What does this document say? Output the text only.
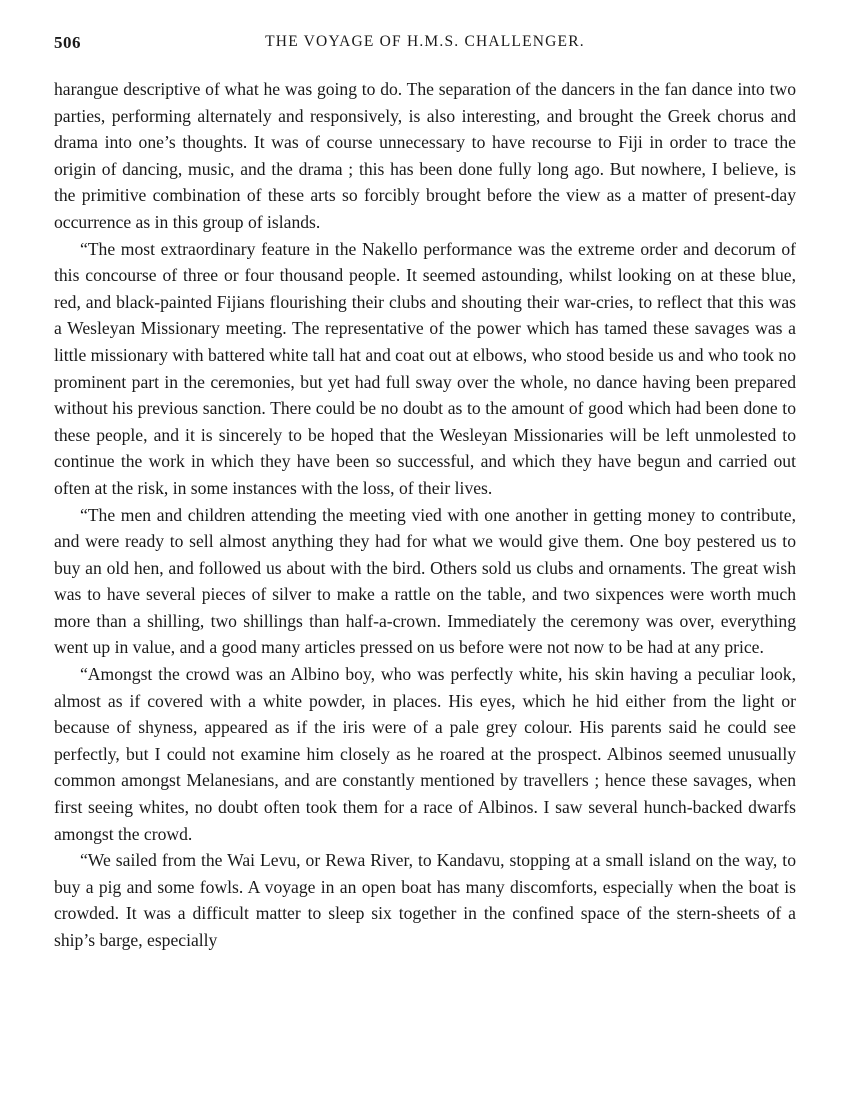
506	THE VOYAGE OF H.M.S. CHALLENGER.

harangue descriptive of what he was going to do. The separation of the dancers in the fan dance into two parties, performing alternately and responsively, is also interesting, and brought the Greek chorus and drama into one’s thoughts. It was of course unnecessary to have recourse to Fiji in order to trace the origin of dancing, music, and the drama ; this has been done fully long ago. But nowhere, I believe, is the primitive combination of these arts so forcibly brought before the view as a matter of present-day occurrence as in this group of islands.

“The most extraordinary feature in the Nakello performance was the extreme order and decorum of this concourse of three or four thousand people. It seemed astounding, whilst looking on at these blue, red, and black-painted Fijians flourishing their clubs and shouting their war-cries, to reflect that this was a Wesleyan Missionary meeting. The representative of the power which has tamed these savages was a little missionary with battered white tall hat and coat out at elbows, who stood beside us and who took no prominent part in the ceremonies, but yet had full sway over the whole, no dance having been prepared without his previous sanction. There could be no doubt as to the amount of good which had been done to these people, and it is sincerely to be hoped that the Wesleyan Missionaries will be left unmolested to continue the work in which they have been so successful, and which they have begun and carried out often at the risk, in some instances with the loss, of their lives.

“The men and children attending the meeting vied with one another in getting money to contribute, and were ready to sell almost anything they had for what we would give them. One boy pestered us to buy an old hen, and followed us about with the bird. Others sold us clubs and ornaments. The great wish was to have several pieces of silver to make a rattle on the table, and two sixpences were worth much more than a shilling, two shillings than half-a-crown. Immediately the ceremony was over, everything went up in value, and a good many articles pressed on us before were not now to be had at any price.

“Amongst the crowd was an Albino boy, who was perfectly white, his skin having a peculiar look, almost as if covered with a white powder, in places. His eyes, which he hid either from the light or because of shyness, appeared as if the iris were of a pale grey colour. His parents said he could see perfectly, but I could not examine him closely as he roared at the prospect. Albinos seemed unusually common amongst Melanesians, and are constantly mentioned by travellers ; hence these savages, when first seeing whites, no doubt often took them for a race of Albinos. I saw several hunch-backed dwarfs amongst the crowd.

“We sailed from the Wai Levu, or Rewa River, to Kandavu, stopping at a small island on the way, to buy a pig and some fowls. A voyage in an open boat has many discomforts, especially when the boat is crowded. It was a difficult matter to sleep six together in the confined space of the stern-sheets of a ship’s barge, especially
